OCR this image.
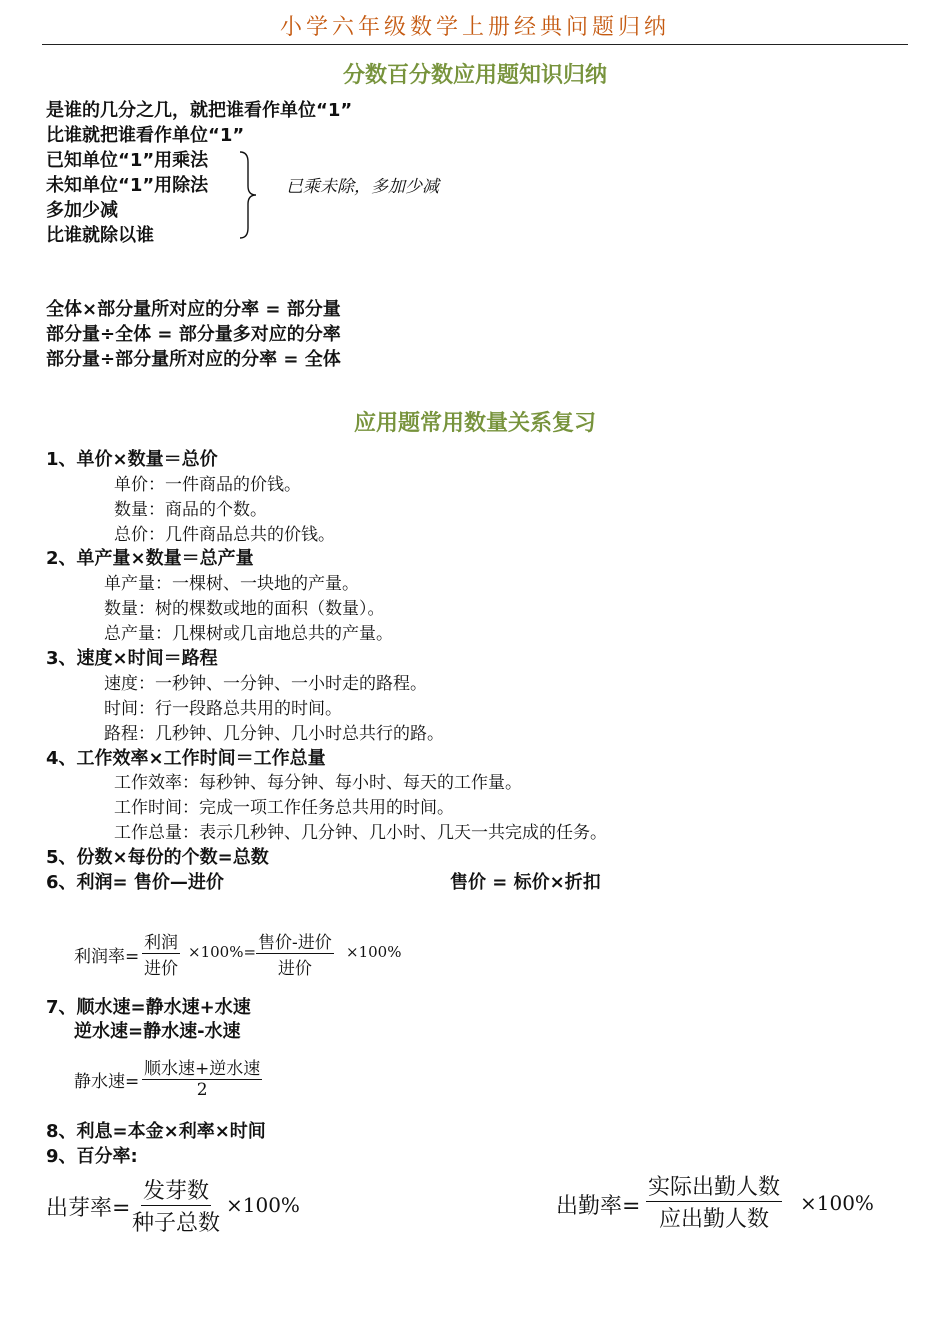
小学六年级数学上册经典问题归纳
分数百分数应用题知识归纳
是谁的几分之几，就把谁看作单位“1”
比谁就把谁看作单位“1”
已知单位“1”用乘法
未知单位“1”用除法
多加少减
比谁就除以谁
已乘未除，多加少减
全体×部分量所对应的分率 = 部分量
部分量÷全体 = 部分量多对应的分率
部分量÷部分量所对应的分率 = 全体
应用题常用数量关系复习
1、单价×数量＝总价
单价：一件商品的价钱。
数量：商品的个数。
总价：几件商品总共的价钱。
2、单产量×数量＝总产量
单产量：一棵树、一块地的产量。
数量：树的棵数或地的面积（数量）。
总产量：几棵树或几亩地总共的产量。
3、速度×时间＝路程
速度：一秒钟、一分钟、一小时走的路程。
时间：行一段路总共用的时间。
路程：几秒钟、几分钟、几小时总共行的路。
4、工作效率×工作时间＝工作总量
工作效率：每秒钟、每分钟、每小时、每天的工作量。
工作时间：完成一项工作任务总共用的时间。
工作总量：表示几秒钟、几分钟、几小时、几天一共完成的任务。
5、份数×每份的个数=总数
6、利润= 售价—进价	售价 = 标价×折扣
利润率=
利润
进价
×100%= 售价-进价
进价
×100%
7、顺水速=静水速+水速
逆水速=静水速-水速
静水速=
顺水速+逆水速
2
8、利息=本金×利率×时间
9、百分率:
出芽率=
发芽数
种子总数
×100%	出勤率=
实际出勤人数
应出勤人数
×100%
